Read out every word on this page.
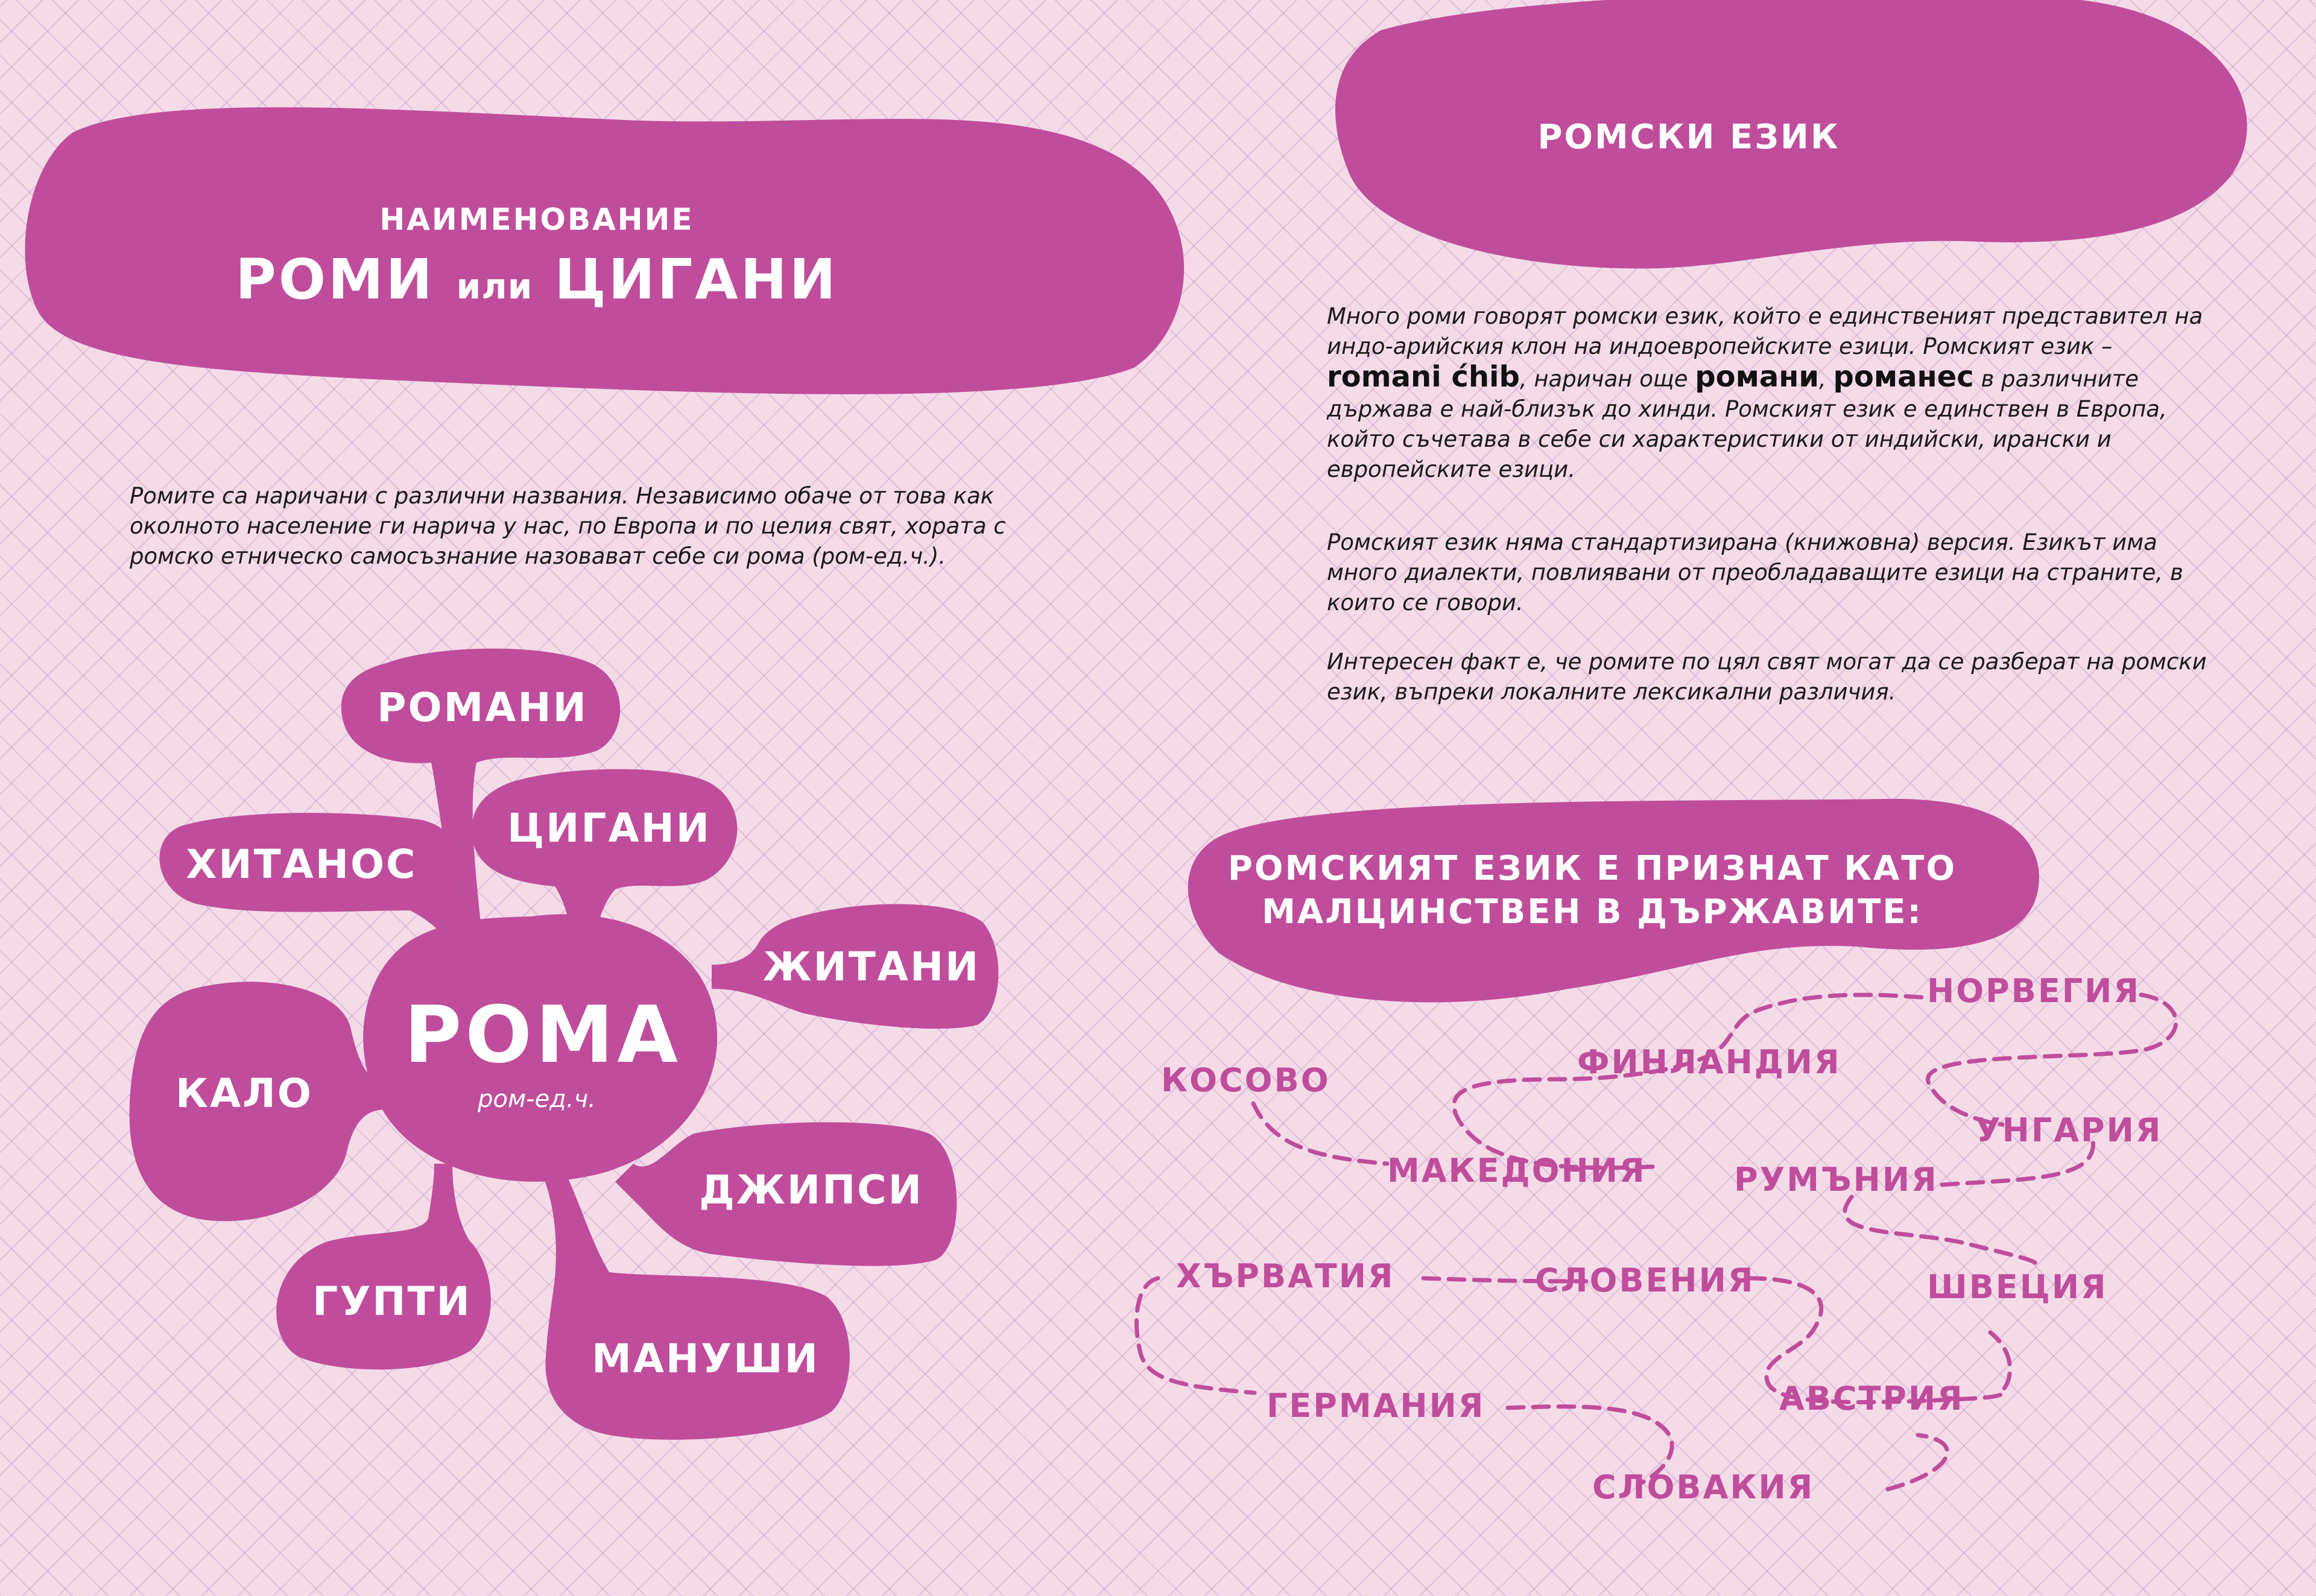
НАИМЕНОВАНИЕ
РОМИ или ЦИГАНИ
Ромите са наричани с различни названия. Независимо обаче от това как околното население ги нарича у нас, по Европа и по целия свят, хората с ромско етническо самосъзнание назовават себе си рома (ром-ед.ч.).
РОМАНИ
ЦИГАНИ
ХИТАНОС
ЖИТАНИ
КАЛО
ДЖИПСИ
ГУПТИ
МАНУШИ
РОМА
ром-ед.ч.
РОМСКИ ЕЗИК
Много роми говорят ромски език, който е единственият представител на индо-арийския клон на индоевропейските езици. Ромският език –
romani ćhib, наричан още романи, романес в различните държава е най-близък до хинди. Ромският език е единствен в Европа, който съчетава в себе си характеристики от индийски, ирански и европейските езици.
Ромският език няма стандартизирана (книжовна) версия. Езикът има много диалекти, повлиявани от преобладаващите езици на страните, в които се говори.
Интересен факт е, че ромите по цял свят могат да се разберат на ромски език, въпреки локалните лексикални различия.
РОМСКИЯТ ЕЗИК Е ПРИЗНАТ КАТО
МАЛЦИНСТВЕН В ДЪРЖАВИТЕ:
НОРВЕГИЯ
КОСОВО	ФИНЛАНДИЯ
УНГАРИЯ
МАКЕДОНИЯ	РУМЪНИЯ
ХЪРВАТИЯ	СЛОВЕНИЯ	ШВЕЦИЯ
АВСТРИЯ
ГЕРМАНИЯ
СЛОВАКИЯ
